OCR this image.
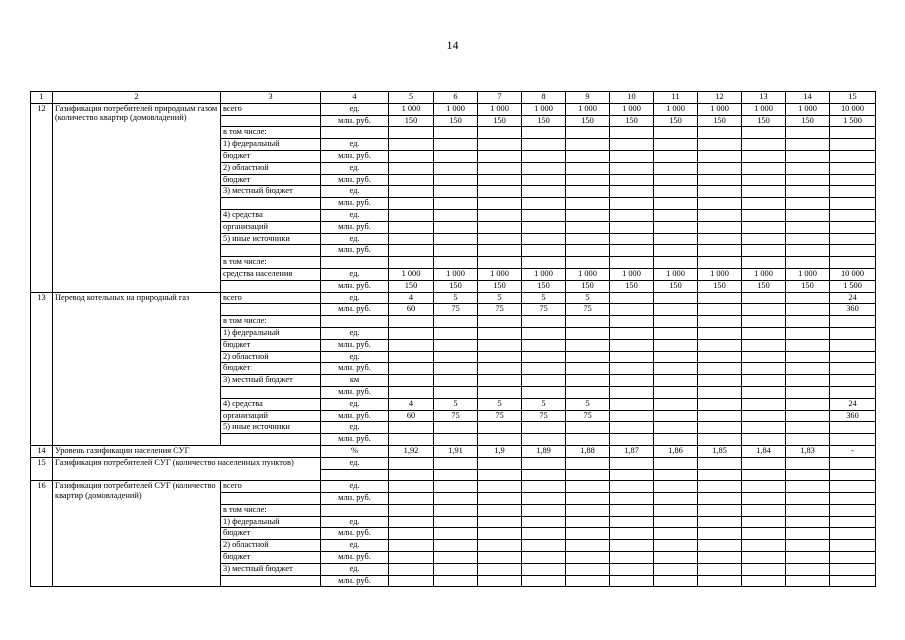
14
1	2	3	4	5	6	7	8	9	10	11	12	13	14	15
12	Газификация потребителей природным газом (количество квартир (домовладений)	всего	ед.	1 000	1 000	1 000	1 000	1 000	1 000	1 000	1 000	1 000	1 000	10 000
			млн. руб.	150	150	150	150	150	150	150	150	150	150	1 500
		в том числе:												
		1) федеральный	ед.											
		бюджет	млн. руб.											
		2) областной	ед.											
		бюджет	млн. руб.											
		3) местный бюджет	ед.											
			млн. руб.											
		4) средства	ед.											
		организаций	млн. руб.											
		5) иные источники	ед.											
			млн. руб.											
		в том числе:												
		средства населения	ед.	1 000	1 000	1 000	1 000	1 000	1 000	1 000	1 000	1 000	1 000	10 000
			млн. руб.	150	150	150	150	150	150	150	150	150	150	1 500
13	Перевод котельных на природный газ	всего	ед.	4	5	5	5	5						24
			млн. руб.	60	75	75	75	75						360
		в том числе:												
		1) федеральный	ед.											
		бюджет	млн. руб.											
		2) областной	ед.											
		бюджет	млн. руб.											
		3) местный бюджет	км											
			млн. руб.											
		4) средства	ед.	4	5	5	5	5						24
		организаций	млн. руб.	60	75	75	75	75						360
		5) иные источники	ед.											
			млн. руб.											
14	Уровень газификации населения СУГ		%	1,92	1,91	1,9	1,89	1,88	1,87	1,86	1,85	1,84	1,83	-
15	Газификация потребителей СУГ (количество населенных пунктов)		ед.											

16	Газификация потребителей СУГ (количество квартир (домовладений)	всего	ед.											
			млн. руб.											
		в том числе:												
		1) федеральный	ед.											
		бюджет	млн. руб.											
		2) областной	ед.											
		бюджет	млн. руб.											
		3) местный бюджет	ед.											
			млн. руб.											
